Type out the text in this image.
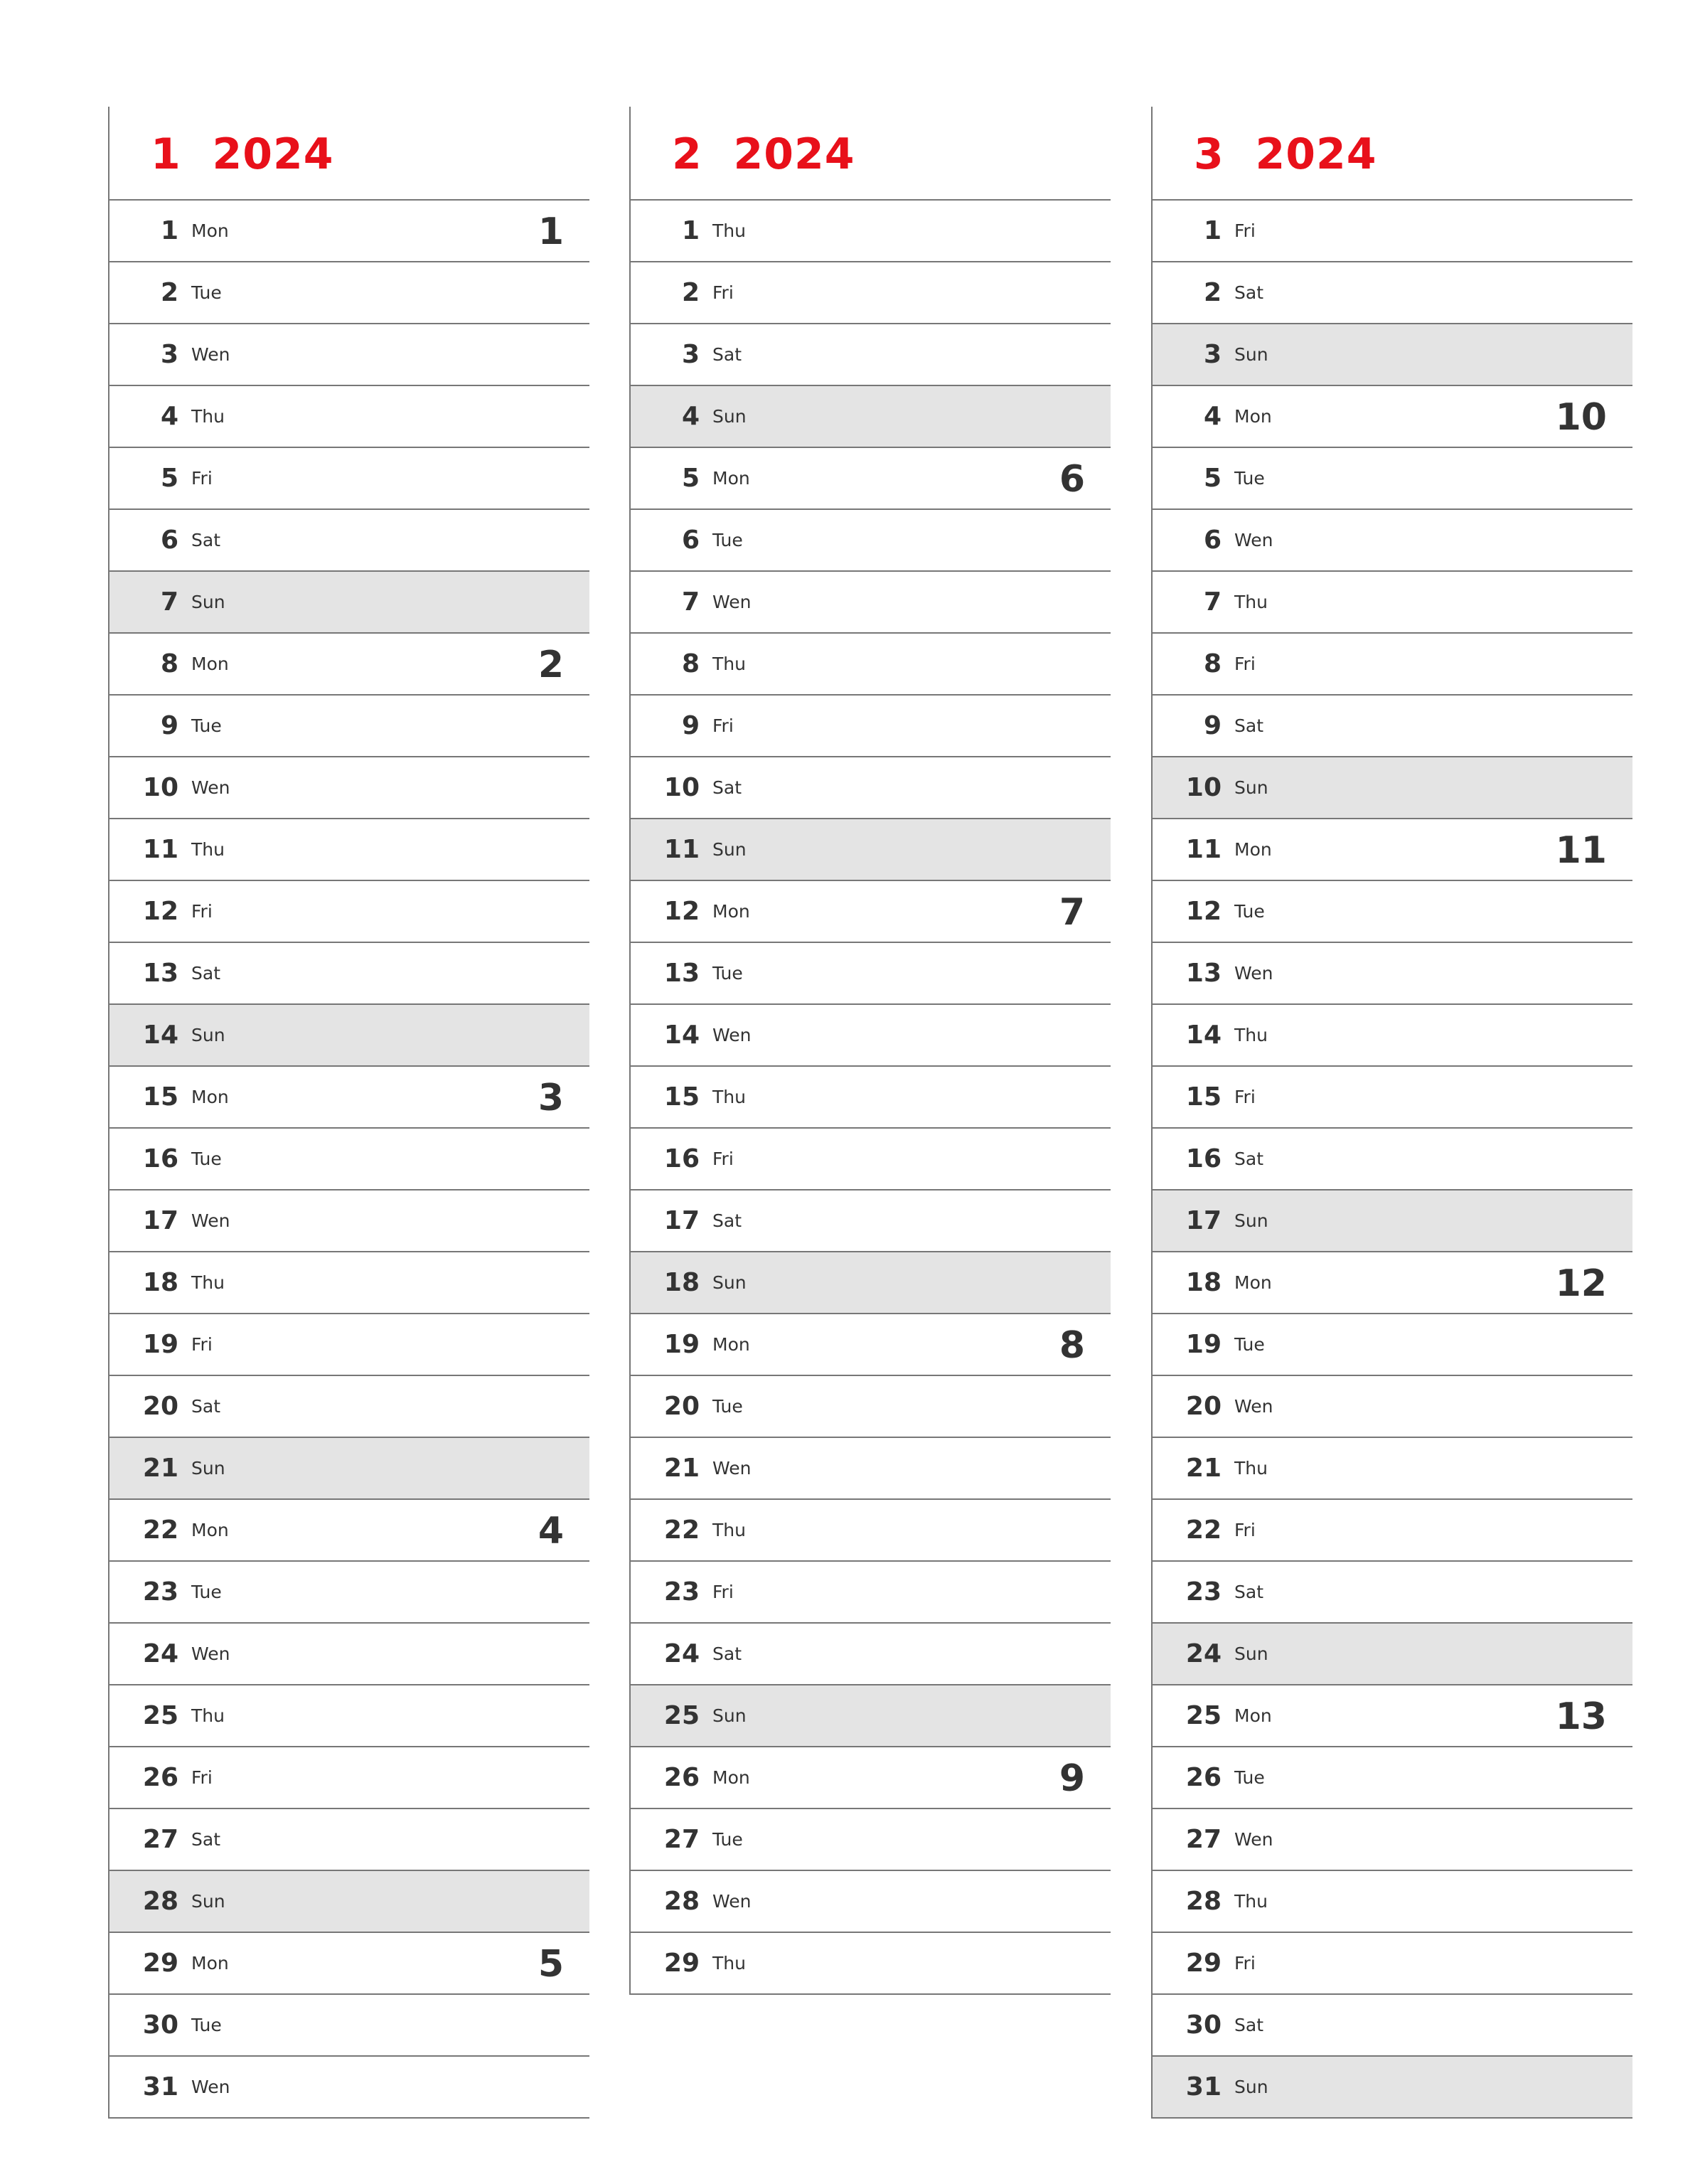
1  2024
1 Mon	1
2 Tue
3 Wen
4 Thu
5 Fri
6 Sat
7 Sun
8 Mon	2
9 Tue
10 Wen
11 Thu
12 Fri
13 Sat
14 Sun
15 Mon	3
16 Tue
17 Wen
18 Thu
19 Fri
20 Sat
21 Sun
22 Mon	4
23 Tue
24 Wen
25 Thu
26 Fri
27 Sat
28 Sun
29 Mon	5
30 Tue
31 Wen
2  2024
1 Thu
2 Fri
3 Sat
4 Sun
5 Mon	6
6 Tue
7 Wen
8 Thu
9 Fri
10 Sat
11 Sun
12 Mon	7
13 Tue
14 Wen
15 Thu
16 Fri
17 Sat
18 Sun
19 Mon	8
20 Tue
21 Wen
22 Thu
23 Fri
24 Sat
25 Sun
26 Mon	9
27 Tue
28 Wen
29 Thu
3  2024
1 Fri
2 Sat
3 Sun
4 Mon	10
5 Tue
6 Wen
7 Thu
8 Fri
9 Sat
10 Sun
11 Mon	11
12 Tue
13 Wen
14 Thu
15 Fri
16 Sat
17 Sun
18 Mon	12
19 Tue
20 Wen
21 Thu
22 Fri
23 Sat
24 Sun
25 Mon	13
26 Tue
27 Wen
28 Thu
29 Fri
30 Sat
31 Sun
